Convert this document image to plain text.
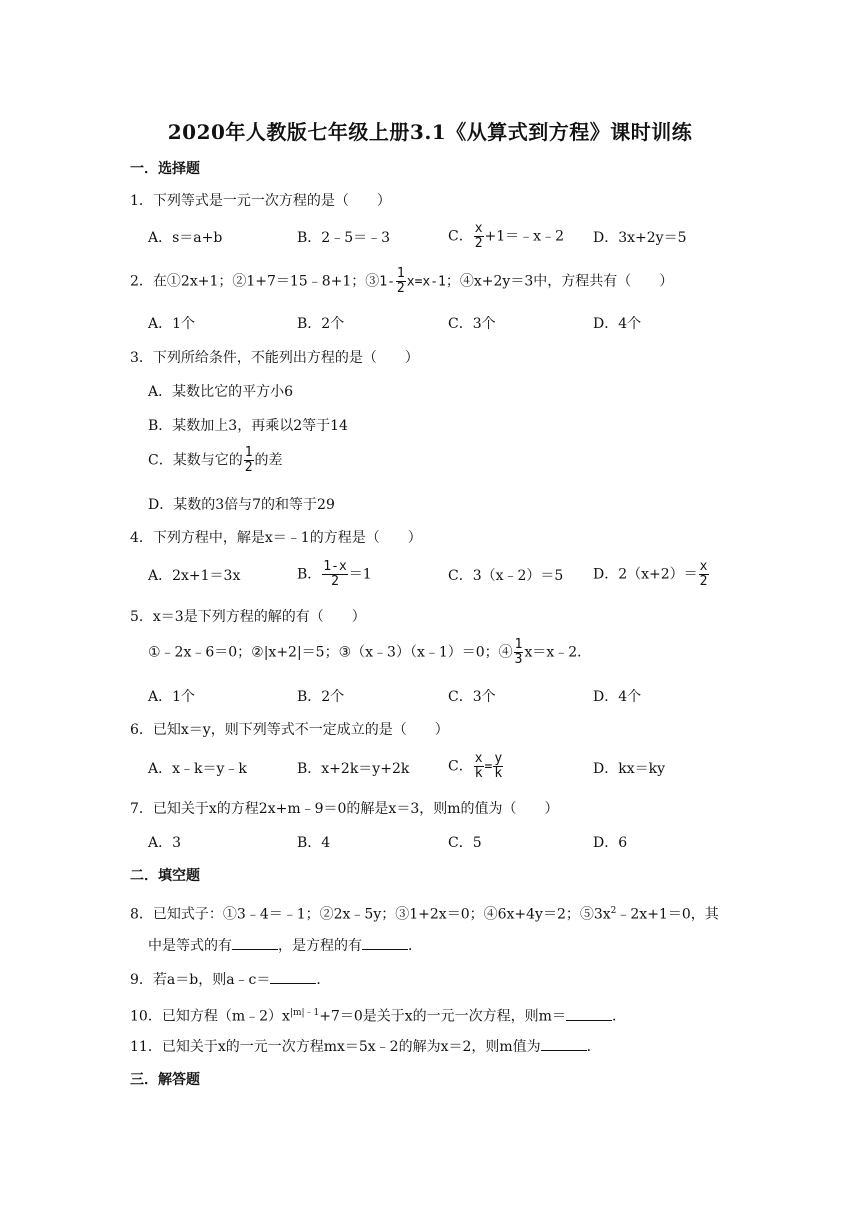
2020年人教版七年级上册3.1《从算式到方程》课时训练
一．选择题
1．下列等式是一元一次方程的是（　　）
A．s＝a+b	B．2﹣5＝﹣3	C． $\frac{x}{2}$ +1＝﹣x﹣2 D．3x+2y＝5
2．在①2x+1；②1+7＝15﹣8+1；③1- $\frac{1}{2} x=x-1$；④x+2y＝3中，方程共有（　　）
A．1个	B．2个	C．3个	D．4个
3．下列所给条件，不能列出方程的是（　　）
A．某数比它的平方小6
B．某数加上3，再乘以2等于14
C．某数与它的 $\frac{1}{2}$ 的差
D．某数的3倍与7的和等于29
4．下列方程中，解是x＝﹣1的方程是（　　）
A．2x+1＝3x	B． $\frac{1-x}{2} =1$	C．3（x﹣2）＝5 D．$2(x+2)= \frac{x}{2}$
5．x＝3是下列方程的解的有（　　）
①﹣2x﹣6＝0；②|x+2|＝5；③（x﹣3）（x﹣1）＝0；④ $\frac{1}{3}$ x＝x﹣2．
A．1个	B．2个	C．3个	D．4个
6．已知x＝y，则下列等式不一定成立的是（　　）
A．x﹣k＝y﹣k	B．x+2k＝y+2k	C． $\frac{x}{k} = \frac{y}{k}$	D．kx＝ky
7．已知关于x的方程2x+m﹣9＝0的解是x＝3，则m的值为（　　）
A．3	B．4	C．5	D．6
二．填空题
8．已知式子：①3﹣4＝﹣1；②2x﹣5y；③1+2x＝0；④6x+4y＝2；$⑤3x^2﹣2x+1=0$，其
中是等式的有	，是方程的有	．
9．若a＝b，则a﹣c＝	．
10．已知方程$(m﹣2)x^{|m|﹣1}+7=0$是关于x的一元一次方程，则m＝	．
11．已知关于x的一元一次方程mx＝5x﹣2的解为x＝2，则m值为	．
三．解答题
